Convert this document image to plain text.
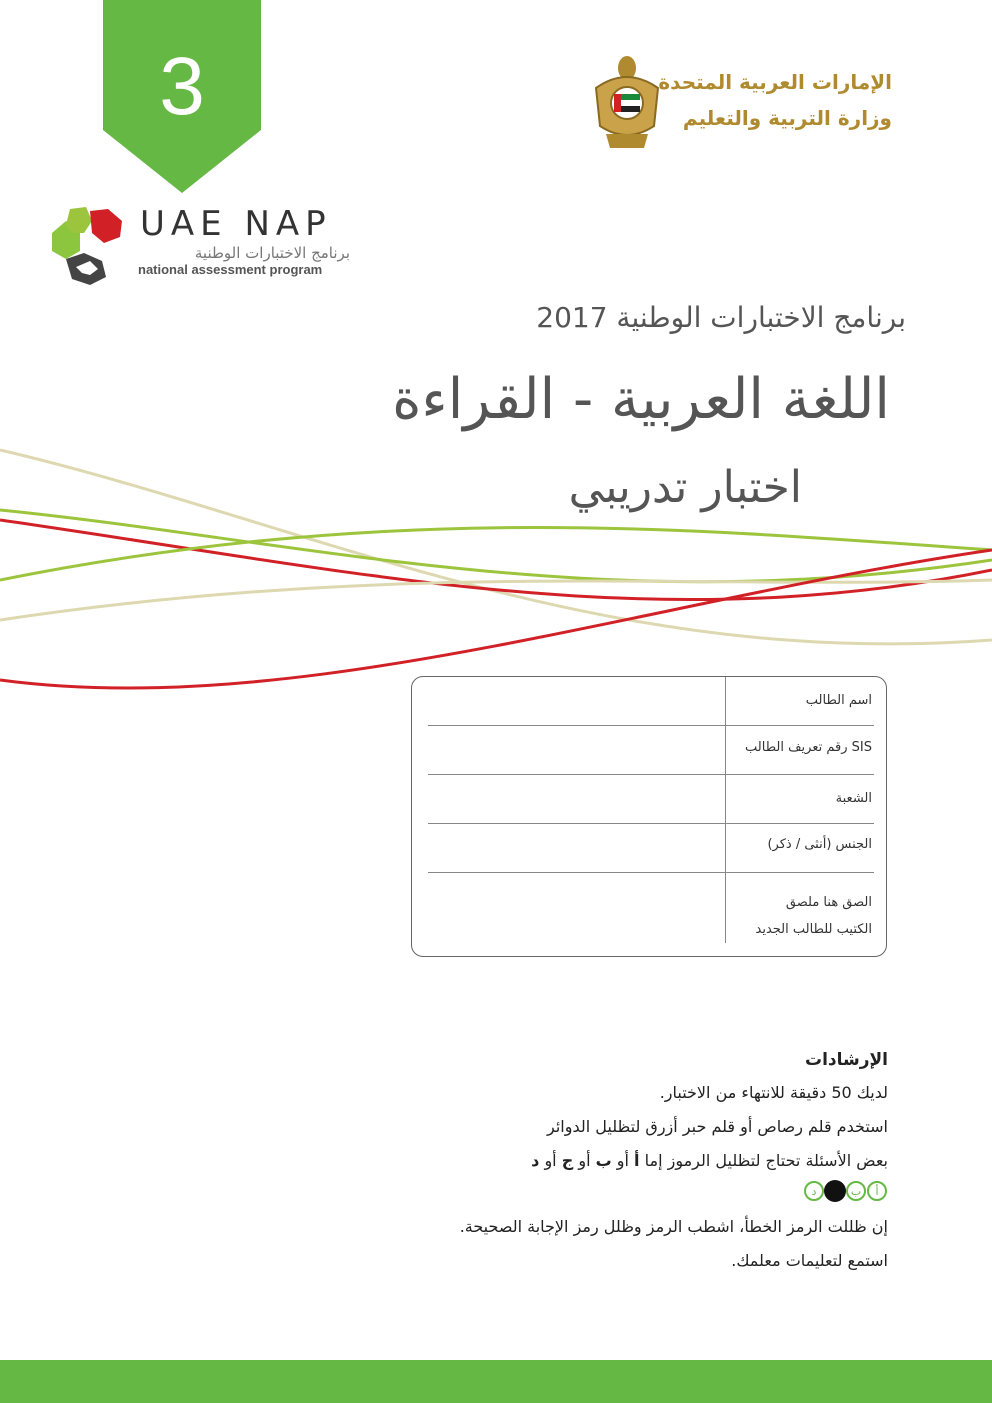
3
UAE NAP
برنامج الاختبارات الوطنية
national assessment program
الإمارات العربية المتحدة
وزارة التربية والتعليم
برنامج الاختبارات الوطنية 2017
اللغة العربية - القراءة
اختبار تدريبي
اسم الطالب
SIS رقم تعريف الطالب
الشعبة
الجنس (أنثى / ذكر)
الصق هنا ملصق
الكتيب للطالب الجديد
الإرشادات
لديك 50 دقيقة للانتهاء من الاختبار.
استخدم قلم رصاص أو قلم حبر أزرق لتظليل الدوائر
بعض الأسئلة تحتاج لتظليل الرموز إما أ أو ب أو ج أو د
د	ب أ
إن ظللت الرمز الخطأ، اشطب الرمز وظلل رمز الإجابة الصحيحة.
استمع لتعليمات معلمك.
